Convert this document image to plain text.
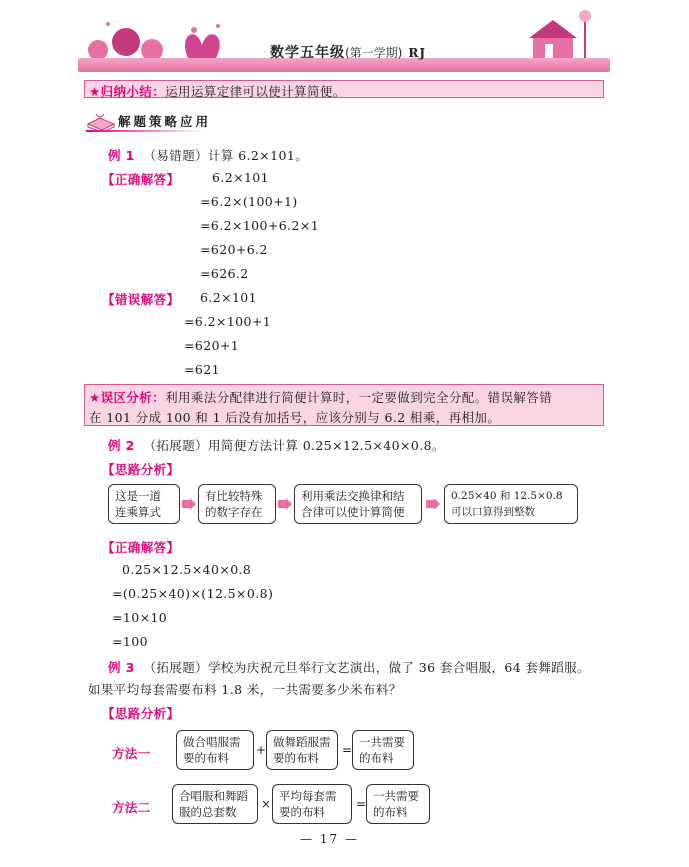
数学五年级(第一学期) RJ
★归纳小结：运用运算定律可以使计算简便。
解题策略应用
例 1 （易错题）计算 6.2×101。
【正确解答】	6.2×101
=6.2×(100+1)
=6.2×100+6.2×1
=620+6.2
=626.2
【错误解答】 6.2×101
=6.2×100+1
=620+1
=621
★误区分析：利用乘法分配律进行简便计算时，一定要做到完全分配。错误解答错
在 101 分成 100 和 1 后没有加括号，应该分别与 6.2 相乘，再相加。
例 2 （拓展题）用简便方法计算 0.25×12.5×40×0.8。
【思路分析】
这是一道
连乘算式
有比较特殊
的数字存在
利用乘法交换律和结
合律可以使计算简便
0.25×40 和 12.5×0.8
可以口算得到整数
【正确解答】
0.25×12.5×40×0.8
=(0.25×40)×(12.5×0.8)
=10×10
=100
例 3 （拓展题）学校为庆祝元旦举行文艺演出，做了 36 套合唱服，64 套舞蹈服。
如果平均每套需要布料 1.8 米，一共需要多少米布料？
【思路分析】
方法一
做合唱服需
要的布料
+
做舞蹈服需
要的布料
=
一共需要
的布料
方法二
合唱服和舞蹈
服的总套数
×
平均每套需
要的布料
=
一共需要
的布料
— 17 —
